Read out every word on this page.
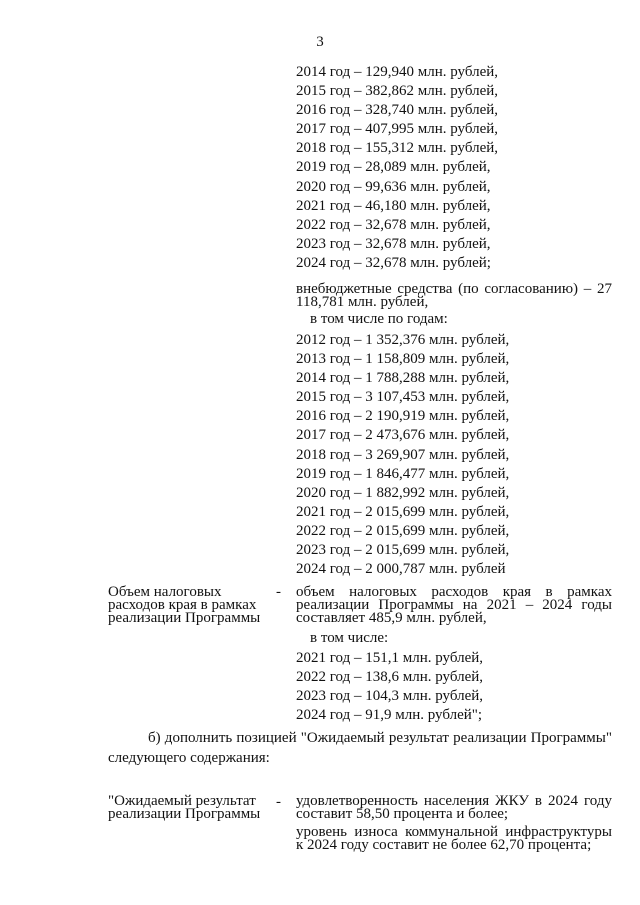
3
2014 год – 129,940 млн. рублей,
2015 год – 382,862 млн. рублей,
2016 год – 328,740 млн. рублей,
2017 год – 407,995 млн. рублей,
2018 год – 155,312 млн. рублей,
2019 год – 28,089 млн. рублей,
2020 год – 99,636 млн. рублей,
2021 год – 46,180 млн. рублей,
2022 год – 32,678 млн. рублей,
2023 год – 32,678 млн. рублей,
2024 год – 32,678 млн. рублей;
внебюджетные средства (по согласованию) – 27 118,781 млн. рублей,
в том числе по годам:
2012 год – 1 352,376 млн. рублей,
2013 год – 1 158,809 млн. рублей,
2014 год – 1 788,288 млн. рублей,
2015 год – 3 107,453 млн. рублей,
2016 год – 2 190,919 млн. рублей,
2017 год – 2 473,676 млн. рублей,
2018 год – 3 269,907 млн. рублей,
2019 год – 1 846,477 млн. рублей,
2020 год – 1 882,992 млн. рублей,
2021 год – 2 015,699 млн. рублей,
2022 год – 2 015,699 млн. рублей,
2023 год – 2 015,699 млн. рублей,
2024 год – 2 000,787 млн. рублей
Объем налоговых расходов края в рамках реализации Программы
- объем налоговых расходов края в рамках реализации Программы на 2021 – 2024 годы составляет 485,9 млн. рублей,
в том числе:
2021 год – 151,1 млн. рублей,
2022 год – 138,6 млн. рублей,
2023 год – 104,3 млн. рублей,
2024 год – 91,9 млн. рублей";
б) дополнить позицией "Ожидаемый результат реализации Программы"
следующего содержания:
"Ожидаемый результат реализации Программы
- удовлетворенность населения ЖКУ в 2024 году составит 58,50 процента и более;
уровень износа коммунальной инфраструктуры к 2024 году составит не более 62,70 процента;
